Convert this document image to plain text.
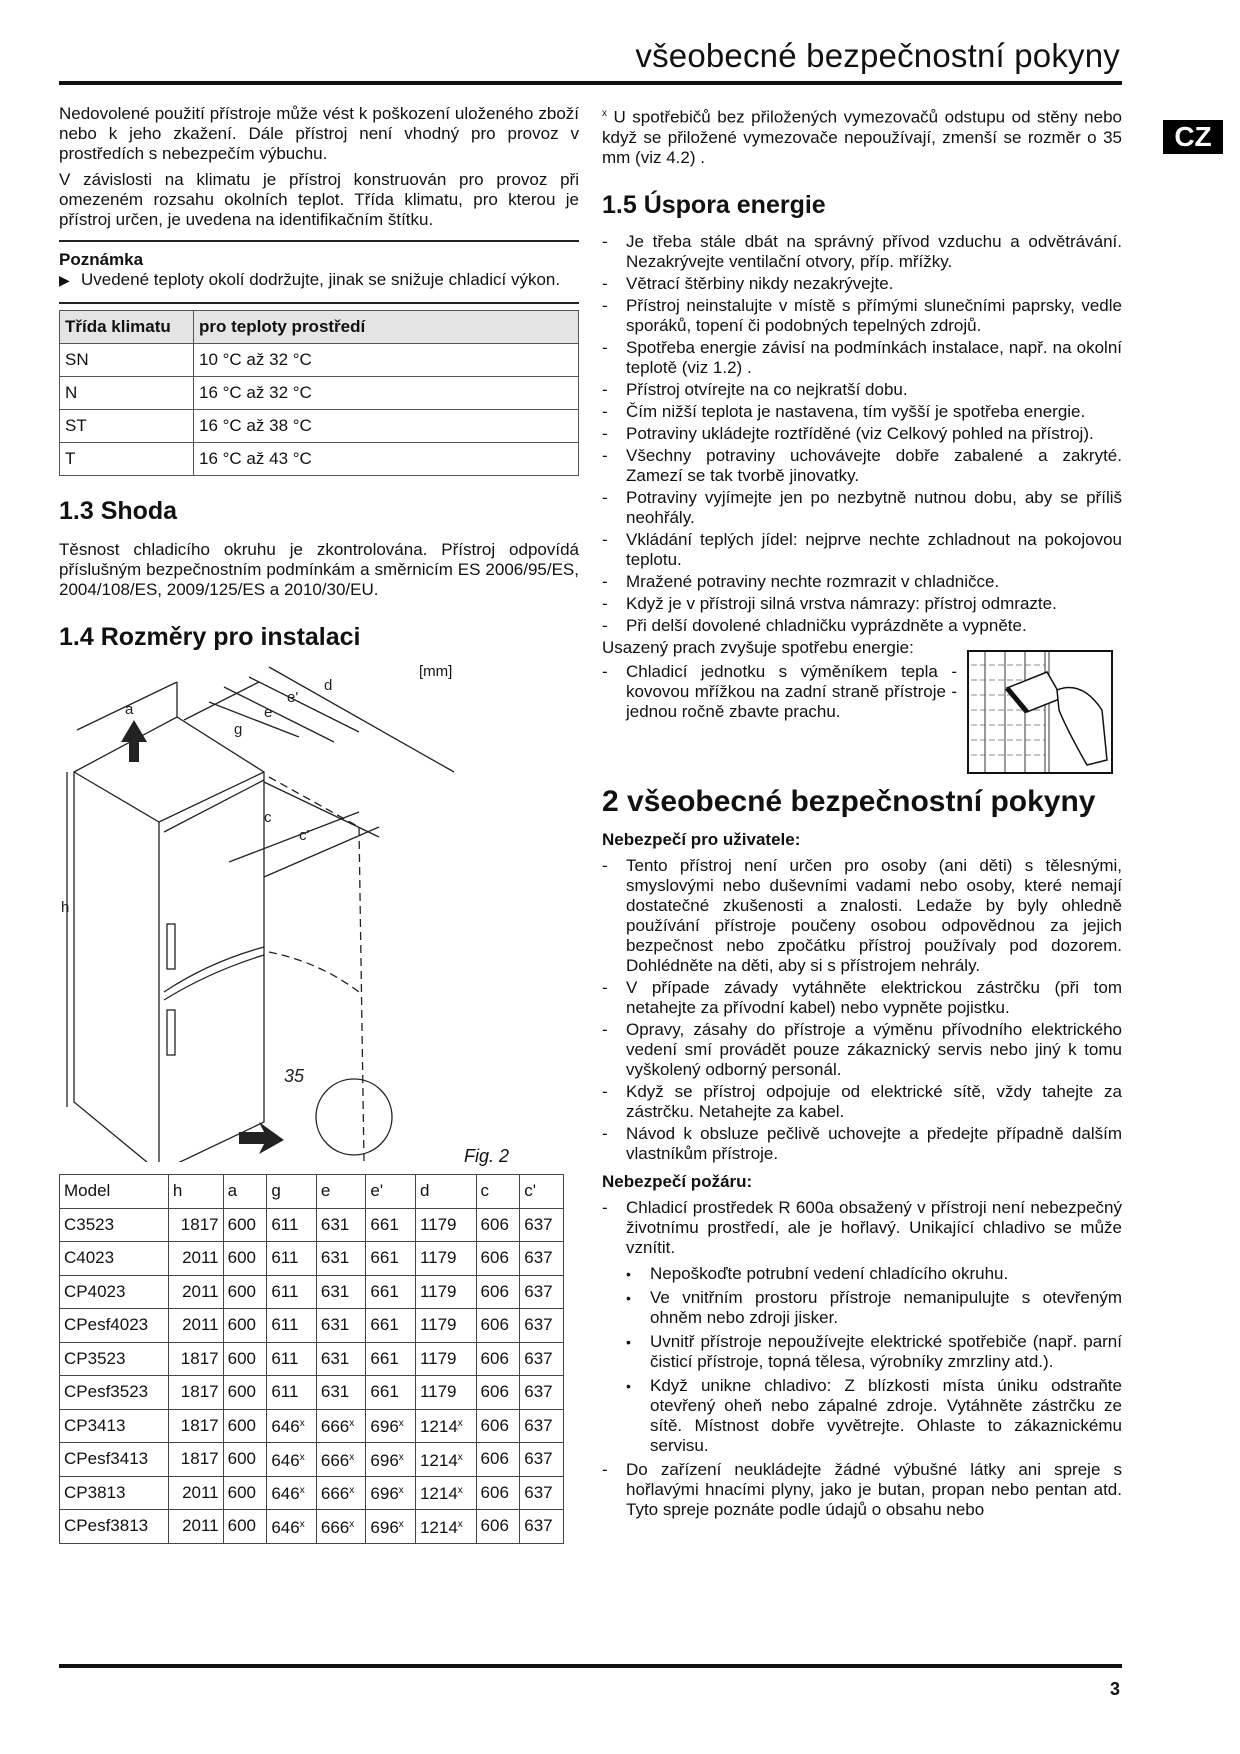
všeobecné bezpečnostní pokyny
CZ

Nedovolené použití přístroje může vést k poškození uloženého zboží nebo k jeho zkažení. Dále přístroj není vhodný pro provoz v prostředích s nebezpečím výbuchu.

V závislosti na klimatu je přístroj konstruován pro provoz při omezeném rozsahu okolních teplot. Třída klimatu, pro kterou je přístroj určen, je uvedena na identifikačním štítku.

Poznámka
▶ Uvedené teploty okolí dodržujte, jinak se snižuje chladicí výkon.
Třída klimatu	pro teploty prostředí
SN	10 °C až 32 °C
N	16 °C až 32 °C
ST	16 °C až 38 °C
T	16 °C až 43 °C
1.3 Shoda

Těsnost chladicího okruhu je zkontrolována. Přístroj odpovídá příslušným bezpečnostním podmínkám a směrnicím ES 2006/95/ES, 2004/108/ES, 2009/125/ES a 2010/30/EU.

1.4 Rozměry pro instalaci
[mm]
a
g
e
e'
d
c
c'
h
35
Fig. 2
Model	h	a	g	e	e'	d	c	c'
C3523	1817	600	611	631	661	1179	606	637
C4023	2011	600	611	631	661	1179	606	637
CP4023	2011	600	611	631	661	1179	606	637
CPesf4023	2011	600	611	631	661	1179	606	637
CP3523	1817	600	611	631	661	1179	606	637
CPesf3523	1817	600	611	631	661	1179	606	637
CP3413	1817	600	646$^x$	666$^x$	696$^x$	1214$^x$	606	637
CPesf3413	1817	600	646$^x$	666$^x$	696$^x$	1214$^x$	606	637
CP3813	2011	600	646$^x$	666$^x$	696$^x$	1214$^x$	606	637
CPesf3813	2011	600	646$^x$	666$^x$	696$^x$	1214$^x$	606	637

$^x$ U spotřebičů bez přiložených vymezovačů odstupu od stěny nebo když se přiložené vymezovače nepoužívají, zmenší se rozměr o 35 mm (viz 4.2) .

1.5 Úspora energie
- Je třeba stále dbát na správný přívod vzduchu a odvětrávání. Nezakrývejte ventilační otvory, příp. mřížky.
- Větrací štěrbiny nikdy nezakrývejte.
- Přístroj neinstalujte v místě s přímými slunečními paprsky, vedle sporáků, topení či podobných tepelných zdrojů.
- Spotřeba energie závisí na podmínkách instalace, např. na okolní teplotě (viz 1.2) .
- Přístroj otvírejte na co nejkratší dobu.
- Čím nižší teplota je nastavena, tím vyšší je spotřeba energie.
- Potraviny ukládejte roztříděné (viz Celkový pohled na přístroj).
- Všechny potraviny uchovávejte dobře zabalené a zakryté. Zamezí se tak tvorbě jinovatky.
- Potraviny vyjímejte jen po nezbytně nutnou dobu, aby se příliš neohřály.
- Vkládání teplých jídel: nejprve nechte zchladnout na pokojovou teplotu.
- Mražené potraviny nechte rozmrazit v chladničce.
- Když je v přístroji silná vrstva námrazy: přístroj odmrazte.
- Při delší dovolené chladničku vyprázdněte a vypněte.

Usazený prach zvyšuje spotřebu energie:

- Chladicí jednotku s výměníkem tepla - kovovou mřížkou na zadní straně přístroje - jednou ročně zbavte prachu.
2 všeobecné bezpečnostní pokyny
Nebezpečí pro uživatele:
- Tento přístroj není určen pro osoby (ani děti) s tělesnými, smyslovými nebo duševními vadami nebo osoby, které nemají dostatečné zkušenosti a znalosti. Ledaže by byly ohledně používání přístroje poučeny osobou odpovědnou za jejich bezpečnost nebo zpočátku přístroj používaly pod dozorem. Dohlédněte na děti, aby si s přístrojem nehrály.
- V případe závady vytáhněte elektrickou zástrčku (při tom netahejte za přívodní kabel) nebo vypněte pojistku.
- Opravy, zásahy do přístroje a výměnu přívodního elektrického vedení smí provádět pouze zákaznický servis nebo jiný k tomu vyškolený odborný personál.
- Když se přístroj odpojuje od elektrické sítě, vždy tahejte za zástrčku. Netahejte za kabel.
- Návod k obsluze pečlivě uchovejte a předejte případně dalším vlastníkům přístroje.
Nebezpečí požáru:
- Chladicí prostředek R 600a obsažený v přístroji není nebezpečný životnímu prostředí, ale je hořlavý. Unikající chladivo se může vznítit.
• Nepoškoďte potrubní vedení chladícího okruhu.
• Ve vnitřním prostoru přístroje nemanipulujte s otevřeným ohněm nebo zdroji jisker.
• Uvnitř přístroje nepoužívejte elektrické spotřebiče (např. parní čisticí přístroje, topná tělesa, výrobníky zmrzliny atd.).
• Když unikne chladivo: Z blízkosti místa úniku odstraňte otevřený oheň nebo zápalné zdroje. Vytáhněte zástrčku ze sítě. Místnost dobře vyvětrejte. Ohlaste to zákaznickému servisu.
- Do zařízení neukládejte žádné výbušné látky ani spreje s hořlavými hnacími plyny, jako je butan, propan nebo pentan atd. Tyto spreje poznáte podle údajů o obsahu nebo
3
